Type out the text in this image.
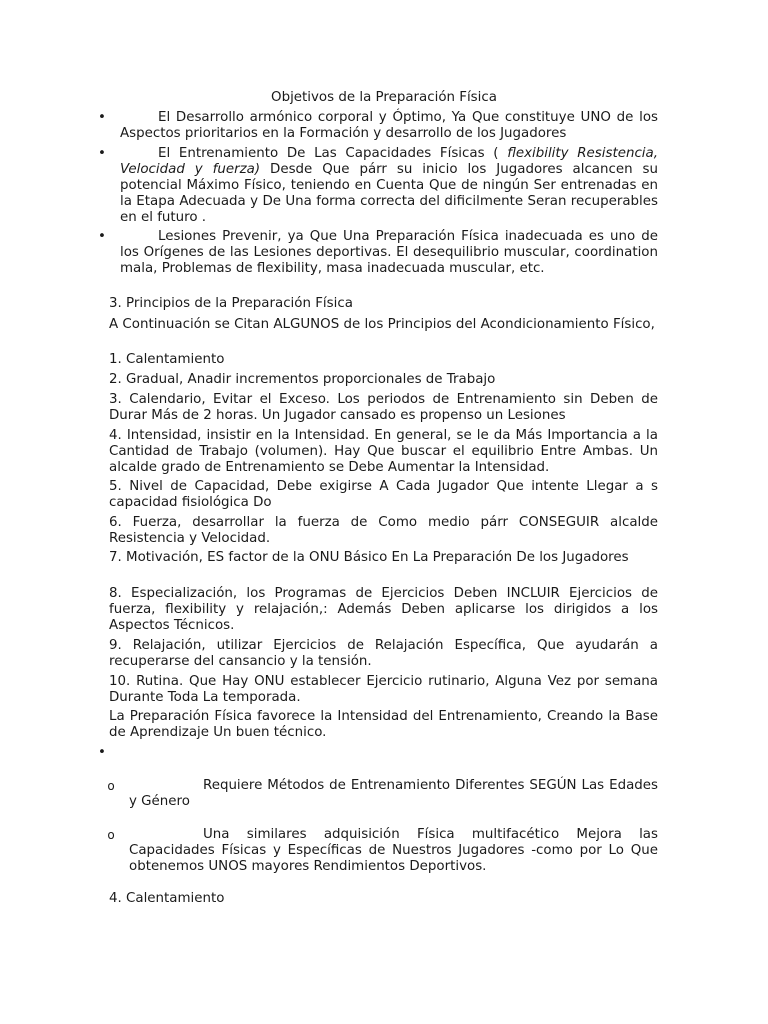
Objetivos de la Preparación Física
•	El Desarrollo armónico corporal y Óptimo, Ya Que constituye UNO de los Aspectos prioritarios en la Formación y desarrollo de los Jugadores
•	El Entrenamiento De Las Capacidades Físicas ( flexibility Resistencia, Velocidad y fuerza) Desde Que párr su inicio los Jugadores alcancen su potencial Máximo Físico, teniendo en Cuenta Que de ningún Ser entrenadas en la Etapa Adecuada y De Una forma correcta del dificilmente Seran recuperables en el futuro .
•	Lesiones Prevenir, ya Que Una Preparación Física inadecuada es uno de los Orígenes de las Lesiones deportivas. El desequilibrio muscular, coordination mala, Problemas de flexibility, masa inadecuada muscular, etc.
3. Principios de la Preparación Física
A Continuación se Citan ALGUNOS de los Principios del Acondicionamiento Físico,
1. Calentamiento
2. Gradual, Anadir incrementos proporcionales de Trabajo
3. Calendario, Evitar el Exceso. Los periodos de Entrenamiento sin Deben de Durar Más de 2 horas. Un Jugador cansado es propenso un Lesiones
4. Intensidad, insistir en la Intensidad. En general, se le da Más Importancia a la Cantidad de Trabajo (volumen). Hay Que buscar el equilibrio Entre Ambas. Un alcalde grado de Entrenamiento se Debe Aumentar la Intensidad.
5. Nivel de Capacidad, Debe exigirse A Cada Jugador Que intente Llegar a s capacidad fisiológica Do
6. Fuerza, desarrollar la fuerza de Como medio párr CONSEGUIR alcalde Resistencia y Velocidad.
7. Motivación, ES factor de la ONU Básico En La Preparación De los Jugadores
8. Especialización, los Programas de Ejercicios Deben INCLUIR Ejercicios de fuerza, flexibility y relajación,: Además Deben aplicarse los dirigidos a los Aspectos Técnicos.
9. Relajación, utilizar Ejercicios de Relajación Específica, Que ayudarán a recuperarse del cansancio y la tensión.
10. Rutina. Que Hay ONU establecer Ejercicio rutinario, Alguna Vez por semana Durante Toda La temporada.
La Preparación Física favorece la Intensidad del Entrenamiento, Creando la Base de Aprendizaje Un buen técnico.
•
o	Requiere Métodos de Entrenamiento Diferentes SEGÚN Las Edades y Género
o	Una similares adquisición Física multifacético Mejora las Capacidades Físicas y Específicas de Nuestros Jugadores -como por Lo Que obtenemos UNOS mayores Rendimientos Deportivos.
4. Calentamiento
